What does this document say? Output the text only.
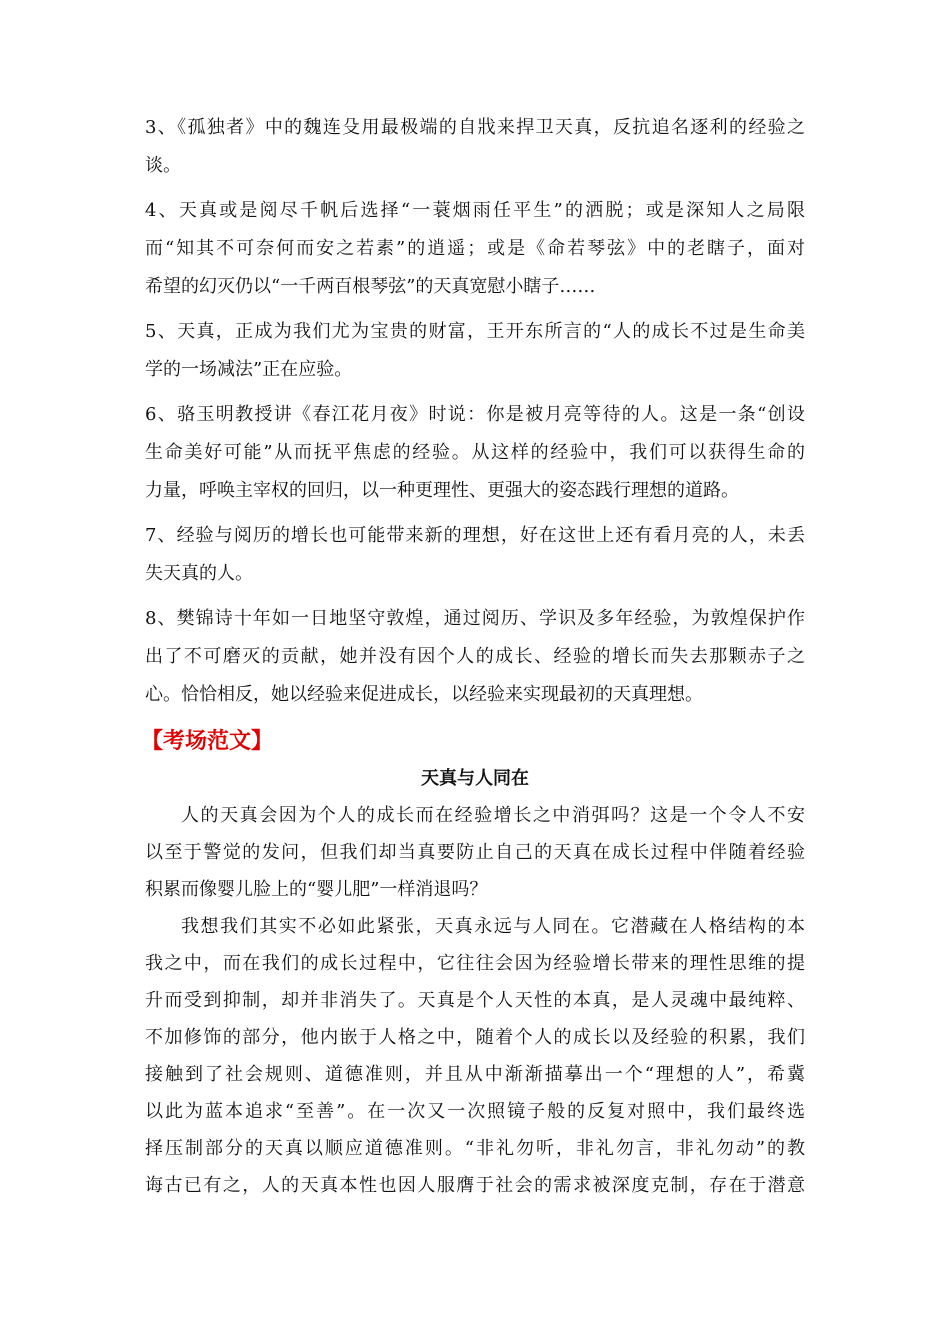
3、《孤独者》中的魏连殳用最极端的自戕来捍卫天真，反抗追名逐利的经验之
谈。
4、天真或是阅尽千帆后选择“一蓑烟雨任平生”的洒脱；或是深知人之局限
而“知其不可奈何而安之若素”的逍遥；或是《命若琴弦》中的老瞎子，面对
希望的幻灭仍以“一千两百根琴弦”的天真宽慰小瞎子……
5、天真，正成为我们尤为宝贵的财富，王开东所言的“人的成长不过是生命美
学的一场减法”正在应验。
6、骆玉明教授讲《春江花月夜》时说：你是被月亮等待的人。这是一条“创设
生命美好可能”从而抚平焦虑的经验。从这样的经验中，我们可以获得生命的
力量，呼唤主宰权的回归，以一种更理性、更强大的姿态践行理想的道路。
7、经验与阅历的增长也可能带来新的理想，好在这世上还有看月亮的人，未丢
失天真的人。
8、樊锦诗十年如一日地坚守敦煌，通过阅历、学识及多年经验，为敦煌保护作
出了不可磨灭的贡献，她并没有因个人的成长、经验的增长而失去那颗赤子之
心。恰恰相反，她以经验来促进成长，以经验来实现最初的天真理想。
【考场范文】
天真与人同在
人的天真会因为个人的成长而在经验增长之中消弭吗？这是一个令人不安
以至于警觉的发问，但我们却当真要防止自己的天真在成长过程中伴随着经验
积累而像婴儿脸上的“婴儿肥”一样消退吗？
我想我们其实不必如此紧张，天真永远与人同在。它潜藏在人格结构的本
我之中，而在我们的成长过程中，它往往会因为经验增长带来的理性思维的提
升而受到抑制，却并非消失了。天真是个人天性的本真，是人灵魂中最纯粹、
不加修饰的部分，他内嵌于人格之中，随着个人的成长以及经验的积累，我们
接触到了社会规则、道德准则，并且从中渐渐描摹出一个“理想的人”，希冀
以此为蓝本追求“至善”。在一次又一次照镜子般的反复对照中，我们最终选
择压制部分的天真以顺应道德准则。“非礼勿听，非礼勿言，非礼勿动”的教
诲古已有之，人的天真本性也因人服膺于社会的需求被深度克制，存在于潜意
